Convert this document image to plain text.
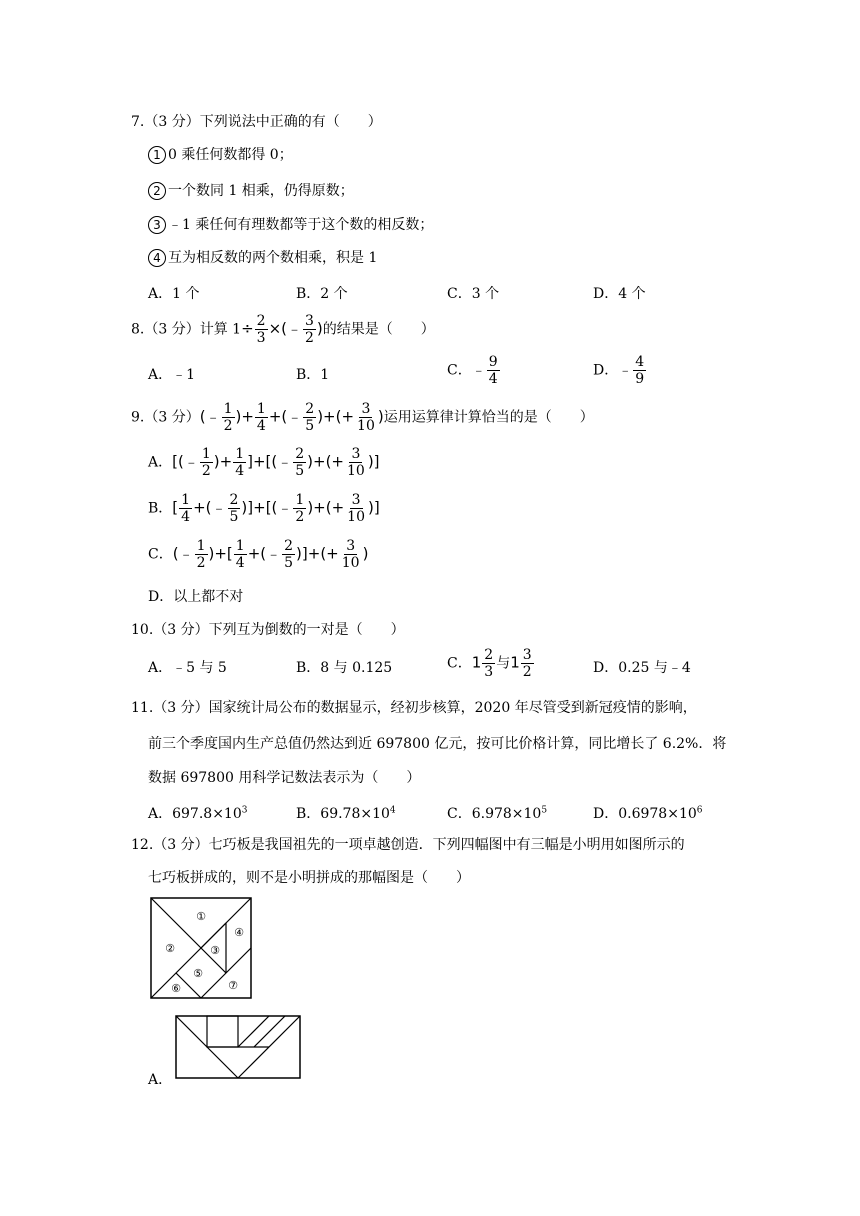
7.（3 分）下列说法中正确的有（　　）
1 0 乘任何数都得 0；
2 一个数同 1 相乘，仍得原数；
3 ﹣1 乘任何有理数都等于这个数的相反数；
4 互为相反数的两个数相乘，积是 1
A．1 个	B．2 个	C．3 个	D．4 个
8.（3 分）计算 $1\div \frac{2}{3}$ ×(﹣ $\frac{3}{2}$ )的结果是（　　）
A．﹣1	B．1	C．﹣ $\frac{9}{4}$	D．﹣ $\frac{4}{9}$
9.（3 分）(﹣ $\frac{1}{2}$ )+ $\frac{1}{4}$ +(﹣ $\frac{2}{5}$ )+(+ $\frac{3}{10}$ )运用运算律计算恰当的是（　　）
A．[(﹣ $\frac{1}{2}$ )+ $\frac{1}{4}$ ]+[(﹣ $\frac{2}{5}$ )+(+ $\frac{3}{10}$ )]
B．[ $\frac{1}{4}$ +(﹣ $\frac{2}{5}$ )]+[(﹣ $\frac{1}{2}$ )+(+ $\frac{3}{10}$ )]
C．(﹣ $\frac{1}{2}$ )+[ $\frac{1}{4}$ +(﹣ $\frac{2}{5}$ )]+(+ $\frac{3}{10}$ )
D．以上都不对
10.（3 分）下列互为倒数的一对是（　　）
A．﹣5 与 5	B．8 与 0.125	C．$1 \frac{2}{3}$ 与$1 \frac{3}{2}$	D．0.25 与﹣4
11.（3 分）国家统计局公布的数据显示，经初步核算，2020 年尽管受到新冠疫情的影响，
前三个季度国内生产总值仍然达到近 697800 亿元，按可比价格计算，同比增长了 6.2%．将
数据 697800 用科学记数法表示为（　　）
A．$697.8\times 10^3$	B．$69.78\times 10^4$	C．$6.978\times 10^5$	D．$0.6978\times 10^6$
12.（3 分）七巧板是我国祖先的一项卓越创造．下列四幅图中有三幅是小明用如图所示的
七巧板拼成的，则不是小明拼成的那幅图是（　　）
①
②	③
④
⑤
⑥	⑦
A．
